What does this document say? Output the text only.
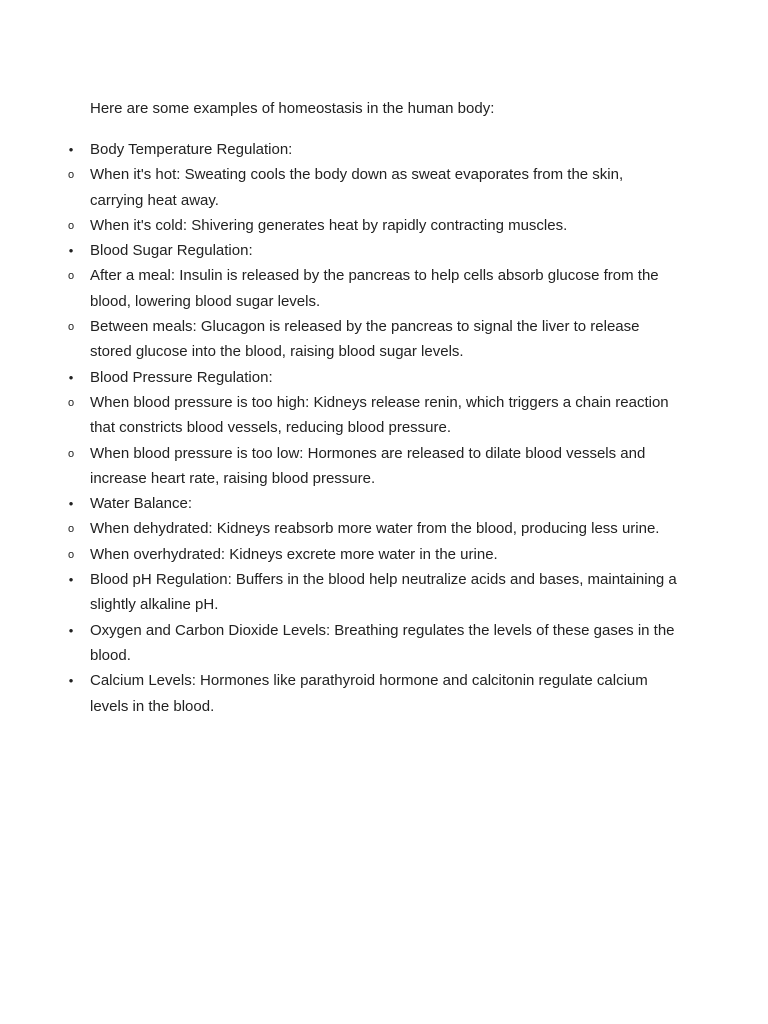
Here are some examples of homeostasis in the human body:

•	Body Temperature Regulation:
o When it's hot: Sweating cools the body down as sweat evaporates from the skin, carrying heat away.
o When it's cold: Shivering generates heat by rapidly contracting muscles.
•	Blood Sugar Regulation:
o After a meal: Insulin is released by the pancreas to help cells absorb glucose from the blood, lowering blood sugar levels.
o Between meals: Glucagon is released by the pancreas to signal the liver to release stored glucose into the blood, raising blood sugar levels.
•	Blood Pressure Regulation:
o When blood pressure is too high: Kidneys release renin, which triggers a chain reaction that constricts blood vessels, reducing blood pressure.
o When blood pressure is too low: Hormones are released to dilate blood vessels and increase heart rate, raising blood pressure.
•	Water Balance:
o When dehydrated: Kidneys reabsorb more water from the blood, producing less urine.
o When overhydrated: Kidneys excrete more water in the urine.
•	Blood pH Regulation: Buffers in the blood help neutralize acids and bases, maintaining a slightly alkaline pH.
•	Oxygen and Carbon Dioxide Levels: Breathing regulates the levels of these gases in the blood.
•	Calcium Levels: Hormones like parathyroid hormone and calcitonin regulate calcium levels in the blood.
